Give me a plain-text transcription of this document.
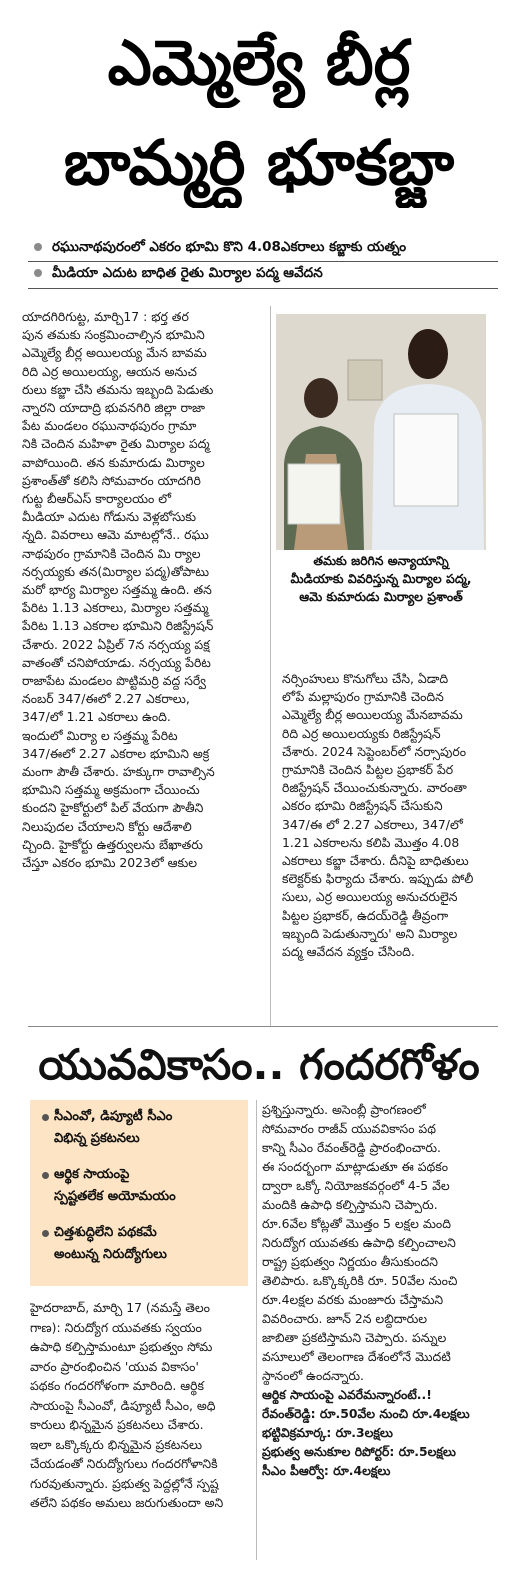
ఎమ్మెల్యే బీర్ల
బామ్మర్ది భూకబ్జా
రఘునాథపురంలో ఎకరం భూమి కొని 4.08ఎకరాలు కబ్జాకు యత్నం
మీడియా ఎదుట బాధిత రైతు మిర్యాల పద్మ ఆవేదన

యాదగిరిగుట్ట, మార్చి17 : భర్త తర

పున తమకు సంక్రమించాల్సిన భూమిని

ఎమ్మెల్యే బీర్ల అయిలయ్య మేన బావమ

రిది ఎర్ర అయిలయ్య, ఆయన అనుచ

రులు కబ్జా చేసి తమను ఇబ్బంది పెడుతు

న్నారని యాదాద్రి భువనగిరి జిల్లా రాజా

పేట మండలం రఘునాథపురం గ్రామా

నికి చెందిన మహిళా రైతు మిర్యాల పద్మ

వాపోయింది. తన కుమారుడు మిర్యాల

ప్రశాంత్‌తో కలిసి సోమవారం యాదగిరి

గుట్ట బీఆర్ఎస్ కార్యాలయం లో

మీడియా ఎదుట గోడును వెళ్లబోసుకు

న్నది. వివరాలు ఆమె మాటల్లోనే.. రఘు

నాథపురం గ్రామానికి చెందిన మి ర్యాల

నర్సయ్యకు తన(మిర్యాల పద్మ)తోపాటు

మరో భార్య మిర్యాల సత్తమ్మ ఉంది. తన

పేరిట 1.13 ఎకరాలు, మిర్యాల సత్తమ్మ

పేరిట 1.13 ఎకరాల భూమిని రిజిస్ట్రేషన్

చేశారు. 2022 ఏప్రిల్ 7న నర్సయ్య పక్ష

వాతంతో చనిపోయాడు. నర్సయ్య పేరిట

రాజాపేట మండలం పొట్టిమర్రి వద్ద సర్వే

నంబర్ 347/ఈలో 2.27 ఎకరాలు,

347/లో 1.21 ఎకరాలు ఉంది.

ఇందులో మిర్యా ల సత్తమ్మ పేరిట

347/ఈలో 2.27 ఎకరాల భూమిని అక్ర

మంగా పౌతీ చేశారు. హక్కుగా రావాల్సిన

భూమిని సత్తమ్మ అక్రమంగా చేయించు

కుందని హైకోర్టులో పిల్ వేయగా పౌతీని

నిలుపుదల చేయాలని కోర్టు ఆదేశాలి

చ్చింది. హైకోర్టు ఉత్తర్వులను బేఖాతరు

చేస్తూ ఎకరం భూమి 2023లో ఆకుల

తమకు జరిగిన అన్యాయాన్ని

మీడియాకు వివరిస్తున్న మిర్యాల పద్మ,

ఆమె కుమారుడు మిర్యాల ప్రశాంత్

నర్సింహులు కొనుగోలు చేసి, ఏడాది

లోపే మల్లాపురం గ్రామానికి చెందిన

ఎమ్మెల్యే బీర్ల అయిలయ్య మేనబావమ

రిది ఎర్ర అయిలయ్యకు రిజిస్ట్రేషన్

చేశారు. 2024 సెప్టెంబర్‌లో నర్సాపురం

గ్రామానికి చెందిన పిట్టల ప్రభాకర్ పేర

రిజిస్ట్రేషన్ చేయించుకున్నారు. వారంతా

ఎకరం భూమి రిజిస్ట్రేషన్ చేసుకుని

347/ఈ లో 2.27 ఎకరాలు, 347/లో

1.21 ఎకరాలను కలిపి మొత్తం 4.08

ఎకరాలు కబ్జా చేశారు. దీనిపై బాధితులు

కలెక్టర్‌కు ఫిర్యాదు చేశారు. ఇప్పుడు పోలీ

సులు, ఎర్ర అయిలయ్య అనుచరులైన

పిట్టల ప్రభాకర్, ఉదయ్‌రెడ్డి తీవ్రంగా

ఇబ్బంది పెడుతున్నారు' అని మిర్యాల

పద్మ ఆవేదన వ్యక్తం చేసింది.

యువవికాసం.. గందరగోళం

సీఎంవో, డిప్యూటీ సీఎం

విభిన్న ప్రకటనలు

ఆర్థిక సాయంపై

స్పష్టతలేక అయోమయం

చిత్తశుద్ధిలేని పథకమే

అంటున్న నిరుద్యోగులు

హైదరాబాద్, మార్చి 17 (నమస్తే తెలం

గాణ): నిరుద్యోగ యువతకు స్వయం

ఉపాధి కల్పిస్తామంటూ ప్రభుత్వం సోమ

వారం ప్రారంభించిన 'యువ వికాసం'

పథకం గందరగోళంగా మారింది. ఆర్థిక

సాయంపై సీఎంవో, డిప్యూటీ సీఎం, అధి

కారులు భిన్నమైన ప్రకటనలు చేశారు.

ఇలా ఒక్కొక్కరు భిన్నమైన ప్రకటనలు

చేయడంతో నిరుద్యోగులు గందరగోళానికి

గురవుతున్నారు. ప్రభుత్వ పెద్దల్లోనే స్పష్ట

తలేని పథకం అమలు జరుగుతుందా అని

ప్రశ్నిస్తున్నారు. అసెంబ్లీ ప్రాంగణంలో

సోమవారం రాజీవ్ యువవికాసం పథ

కాన్ని సీఎం రేవంత్‌రెడ్డి ప్రారంభించారు.

ఈ సందర్భంగా మాట్లాడుతూ ఈ పథకం

ద్వారా ఒక్కో నియోజకవర్గంలో 4-5 వేల

మందికి ఉపాధి కల్పిస్తామని చెప్పారు.

రూ.6వేల కోట్లతో మొత్తం 5 లక్షల మంది

నిరుద్యోగ యువతకు ఉపాధి కల్పించాలని

రాష్ట్ర ప్రభుత్వం నిర్ణయం తీసుకుందని

తెలిపారు. ఒక్కొక్కరికి రూ. 50వేల నుంచి

రూ.4లక్షల వరకు మంజూరు చేస్తామని

వివరించారు. జూన్ 2న లబ్ధిదారుల

జాబితా ప్రకటిస్తామని చెప్పారు. పన్నుల

వసూలులో తెలంగాణ దేశంలోనే మొదటి

స్థానంలో ఉందన్నారు.

ఆర్థిక సాయంపై ఎవరేమన్నారంటే..!

రేవంత్‌రెడ్డి: రూ.50వేల నుంచి రూ.4లక్షలు

భట్టివిక్రమార్క: రూ.3లక్షలు

ప్రభుత్వ అనుకూల రిపోర్టర్: రూ.5లక్షలు

సీఎం పీఆర్వో: రూ.4లక్షలు
